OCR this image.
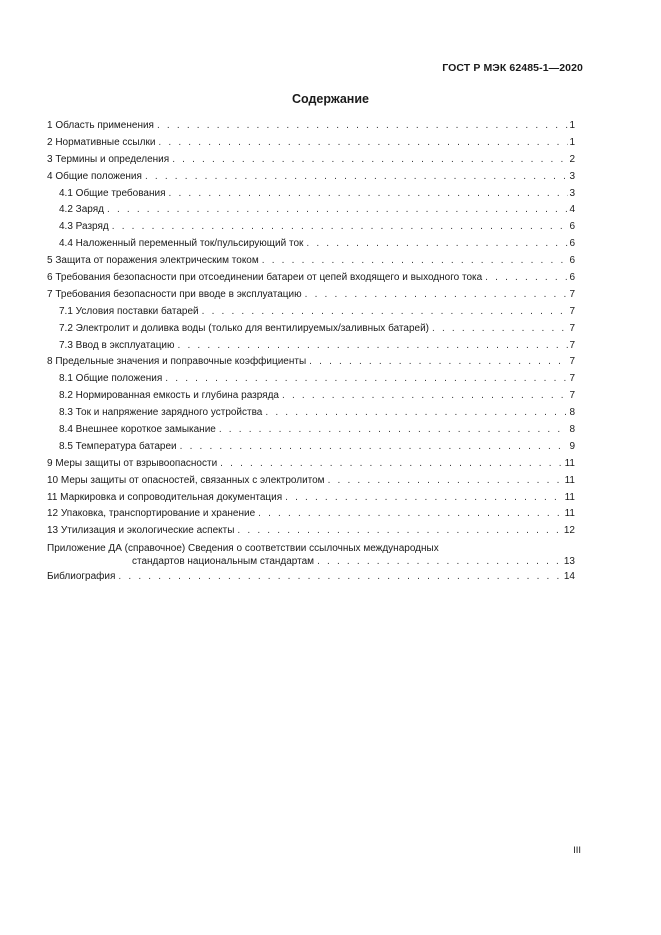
ГОСТ Р МЭК 62485-1—2020
Содержание
1 Область применения . . .	1
2 Нормативные ссылки . . .	1
3 Термины и определения . . .	2
4 Общие положения . . .	3
4.1 Общие требования . . .	3
4.2 Заряд . . .	4
4.3 Разряд . . .	6
4.4 Наложенный переменный ток/пульсирующий ток . . .	6
5 Защита от поражения электрическим током . . .	6
6 Требования безопасности при отсоединении батареи от цепей входящего и выходного тока . . .	6
7 Требования безопасности при вводе в эксплуатацию . . .	7
7.1 Условия поставки батарей . . .	7
7.2 Электролит и доливка воды (только для вентилируемых/заливных батарей) . . .	7
7.3 Ввод в эксплуатацию . . .	7
8 Предельные значения и поправочные коэффициенты . . .	7
8.1 Общие положения . . .	7
8.2 Нормированная емкость и глубина разряда . . .	7
8.3 Ток и напряжение зарядного устройства . . .	8
8.4 Внешнее короткое замыкание . . .	8
8.5 Температура батареи . . .	9
9 Меры защиты от взрывоопасности . . .	11
10 Меры защиты от опасностей, связанных с электролитом . . .	11
11 Маркировка и сопроводительная документация . . .	11
12 Упаковка, транспортирование и хранение . . .	11
13 Утилизация и экологические аспекты . . .	12
Приложение ДА (справочное) Сведения о соответствии ссылочных международных
стандартов национальным стандартам . . .	13
Библиография . . .	14
III
